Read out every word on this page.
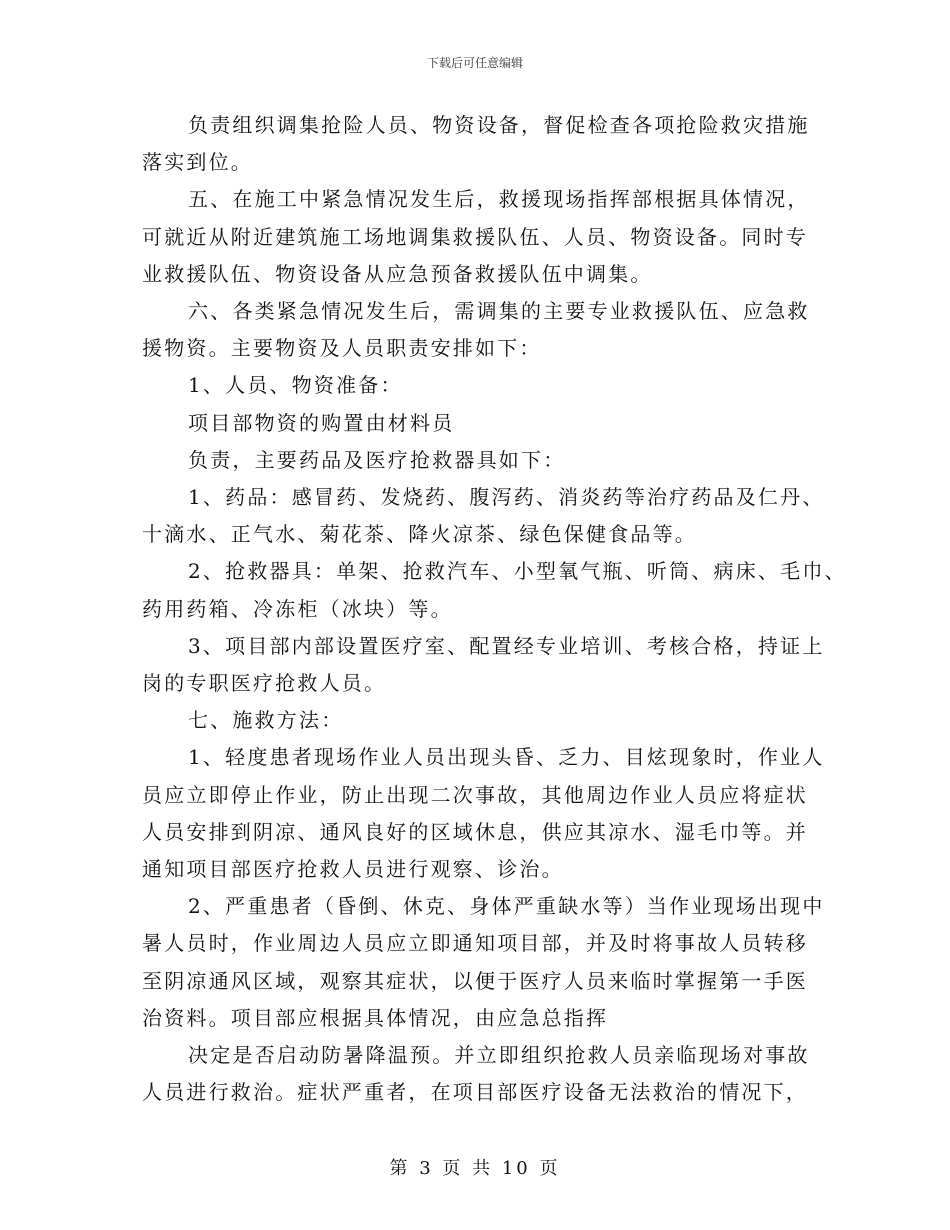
下载后可任意编辑

负责组织调集抢险人员、物资设备，督促检查各项抢险救灾措施

落实到位。

五、在施工中紧急情况发生后，救援现场指挥部根据具体情况，

可就近从附近建筑施工场地调集救援队伍、人员、物资设备。同时专

业救援队伍、物资设备从应急预备救援队伍中调集。

六、各类紧急情况发生后，需调集的主要专业救援队伍、应急救

援物资。主要物资及人员职责安排如下：

1、人员、物资准备：

项目部物资的购置由材料员

负责，主要药品及医疗抢救器具如下：

1、药品：感冒药、发烧药、腹泻药、消炎药等治疗药品及仁丹、

十滴水、正气水、菊花茶、降火凉茶、绿色保健食品等。

2、抢救器具：单架、抢救汽车、小型氧气瓶、听筒、病床、毛巾、

药用药箱、冷冻柜（冰块）等。

3、项目部内部设置医疗室、配置经专业培训、考核合格，持证上

岗的专职医疗抢救人员。

七、施救方法：

1、轻度患者现场作业人员出现头昏、乏力、目炫现象时，作业人

员应立即停止作业，防止出现二次事故，其他周边作业人员应将症状

人员安排到阴凉、通风良好的区域休息，供应其凉水、湿毛巾等。并

通知项目部医疗抢救人员进行观察、诊治。

2、严重患者（昏倒、休克、身体严重缺水等）当作业现场出现中

暑人员时，作业周边人员应立即通知项目部，并及时将事故人员转移

至阴凉通风区域，观察其症状，以便于医疗人员来临时掌握第一手医

治资料。项目部应根据具体情况，由应急总指挥

决定是否启动防暑降温预。并立即组织抢救人员亲临现场对事故

人员进行救治。症状严重者，在项目部医疗设备无法救治的情况下，

第 3 页 共 10 页
